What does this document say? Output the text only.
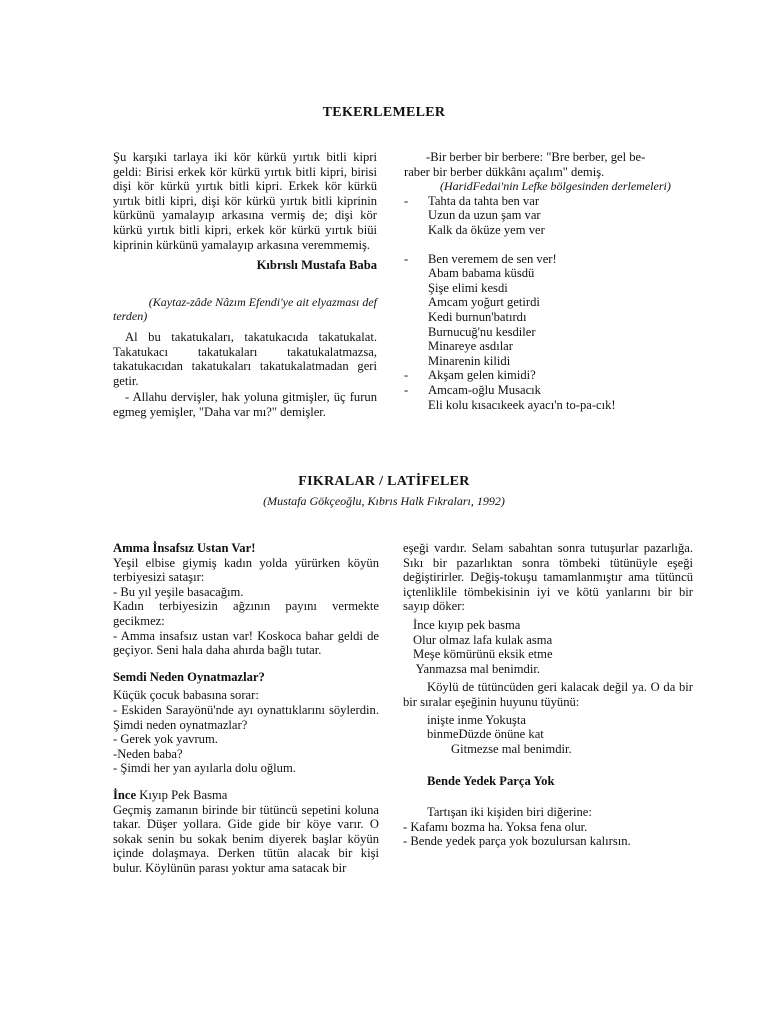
TEKERLEMELER
Şu karşıki tarlaya iki kör kürkü yırtık bitli kipri geldi: Birisi erkek kör kürkü yırtık bitli kipri, birisi dişi kör kürkü yırtık bitli kipri. Erkek kör kürkü yırtık bitli kipri, dişi kör kürkü yırtık bitli kiprinin kürkünü yamalayıp arkasına vermiş de; dişi kör kürkü yırtık bitli kipri, erkek kör kürkü yırtık biüi kiprinin kürkünü yamalayıp arkasına veremmemiş.
Kıbrıslı Mustafa Baba
(Kaytaz-zâde Nâzım Efendi'ye ait elyazması def
terden)
Al bu takatukaları, takatukacıda takatukalat. Takatukacı takatukaları takatukalatmazsa, takatukacıdan takatukaları takatukalatmadan geri getir.
- Allahu dervişler, hak yoluna gitmişler, üç furun egmeg yemişler, "Daha var mı?" demişler.
-Bir berber bir berbere: "Bre berber, gel be-
raber bir berber dükkânı açalım" demiş.
(HaridFedai'nin Lefke bölgesinden derlemeleri)
- Tahta da tahta ben var
Uzun da uzun şam var
Kalk da öküze yem ver
- Ben veremem de sen ver!
Abam babama küsdü
Şişe elimi kesdi
Amcam yoğurt getirdi
Kedi burnun'batırdı
Burnucuğ'nu kesdiler
Minareye asdılar
Minarenin kilidi
- Akşam gelen kimidi?
- Amcam-oğlu Musacık
Eli kolu kısacıkeek ayacı'n to-pa-cık!
FIKRALAR / LATİFELER
(Mustafa Gökçeoğlu, Kıbrıs Halk Fıkraları, 1992)
Amma İnsafsız Ustan Var!
Yeşil elbise giymiş kadın yolda yürürken köyün terbiyesizi sataşır:
- Bu yıl yeşile basacağım.
Kadın terbiyesizin ağzının payını vermekte gecikmez:
- Amma insafsız ustan var! Koskoca bahar geldi de geçiyor. Seni hala daha ahırda bağlı tutar.
Semdi Neden Oynatmazlar?
Küçük çocuk babasına sorar:
- Eskiden Sarayönü'nde ayı oynattıklarını söylerdin. Şimdi neden oynatmazlar?
- Gerek yok yavrum.
-Neden baba?
- Şimdi her yan ayılarla dolu oğlum.
İnce Kıyıp Pek Basma
Geçmiş zamanın birinde bir tütüncü sepetini koluna takar. Düşer yollara. Gide gide bir köye varır. O sokak senin bu sokak benim diyerek başlar köyün içinde dolaşmaya. Derken tütün alacak bir kişi bulur. Köylünün parası yoktur ama satacak bir
eşeği vardır. Selam sabahtan sonra tutuşurlar pazarlığa. Sıkı bir pazarlıktan sonra tömbeki tütünüyle eşeği değiştirirler. Değiş-tokuşu tamamlanmıştır ama tütüncü içtenliklile tömbekisinin iyi ve kötü yanlarını bir bir sayıp döker:
İnce kıyıp pek basma
Olur olmaz lafa kulak asma
Meşe kömürünü eksik etme
Yanmazsa mal benimdir.
Köylü de tütüncüden geri kalacak değil ya. O da bir bir sıralar eşeğinin huyunu tüyünü:
inişte inme Yokuşta
binmeDüzde önüne kat
Gitmezse mal benimdir.
Bende Yedek Parça Yok
Tartışan iki kişiden biri diğerine:
- Kafamı bozma ha. Yoksa fena olur.
- Bende yedek parça yok bozulursan kalırsın.
